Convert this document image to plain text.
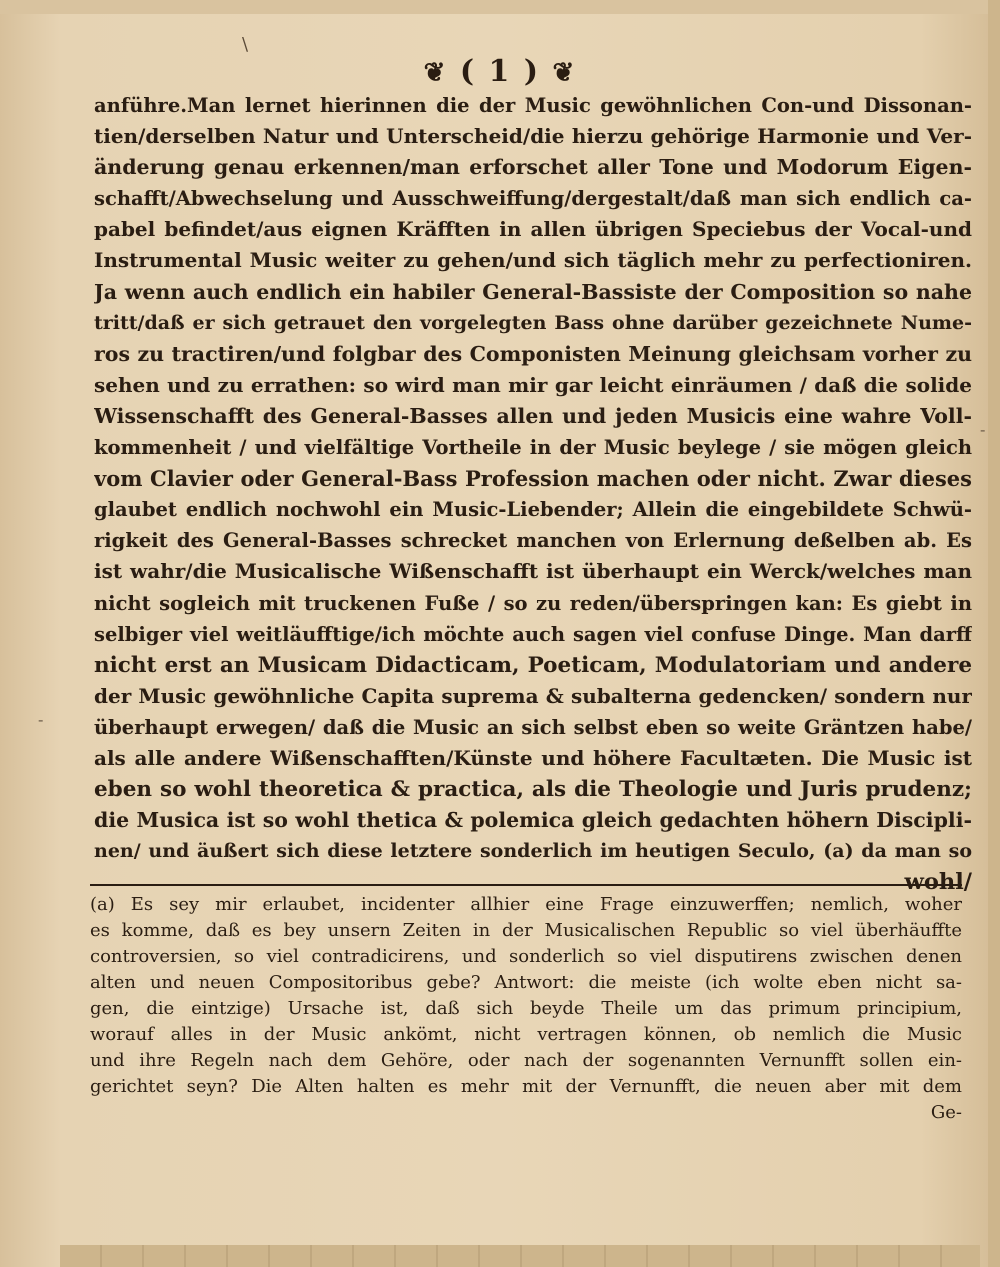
\
❦ ( 1 ) ❦
anführe.Man lernet hierinnen die der Music gewöhnlichen Con-und Dissonan-
tien/derselben Natur und Unterscheid/die hierzu gehörige Harmonie und Ver-
änderung genau erkennen/man erforschet aller Tone und Modorum Eigen-
schafft/Abwechselung und Ausschweiffung/dergestalt/daß man sich endlich ca-
pabel befindet/aus eignen Kräfften in allen übrigen Speciebus der Vocal-und
Instrumental Music weiter zu gehen/und sich täglich mehr zu perfectioniren.
Ja wenn auch endlich ein habiler General-Bassiste der Composition so nahe
tritt/daß er sich getrauet den vorgelegten Bass ohne darüber gezeichnete Nume-
ros zu tractiren/und folgbar des Componisten Meinung gleichsam vorher zu
sehen und zu errathen: so wird man mir gar leicht einräumen / daß die solide
Wissenschafft des General-Basses allen und jeden Musicis eine wahre Voll-
kommenheit / und vielfältige Vortheile in der Music beylege / sie mögen gleich
vom Clavier oder General-Bass Profession machen oder nicht. Zwar dieses
glaubet endlich nochwohl ein Music-Liebender; Allein die eingebildete Schwü-
rigkeit des General-Basses schrecket manchen von Erlernung deßelben ab. Es
ist wahr/die Musicalische Wißenschafft ist überhaupt ein Werck/welches man
nicht sogleich mit truckenen Fuße / so zu reden/überspringen kan: Es giebt in
selbiger viel weitläufftige/ich möchte auch sagen viel confuse Dinge. Man darff
nicht erst an Musicam Didacticam, Poeticam, Modulatoriam und andere
der Music gewöhnliche Capita suprema & subalterna gedencken/ sondern nur
überhaupt erwegen/ daß die Music an sich selbst eben so weite Gräntzen habe/
als alle andere Wißenschafften/Künste und höhere Facultæten. Die Music ist
eben so wohl theoretica & practica, als die Theologie und Juris prudenz;
die Musica ist so wohl thetica & polemica gleich gedachten höhern Discipli-
nen/ und äußert sich diese letztere sonderlich im heutigen Seculo, (a) da man so
wohl/
(a) Es sey mir erlaubet, incidenter allhier eine Frage einzuwerffen; nemlich, woher
es komme, daß es bey unsern Zeiten in der Musicalischen Republic so viel überhäuffte
controversien, so viel contradicirens, und sonderlich so viel disputirens zwischen denen
alten und neuen Compositoribus gebe? Antwort: die meiste (ich wolte eben nicht sa-
gen, die eintzige) Ursache ist, daß sich beyde Theile um das primum principium,
worauf alles in der Music ankömt, nicht vertragen können, ob nemlich die Music
und ihre Regeln nach dem Gehöre, oder nach der sogenannten Vernunfft sollen ein-
gerichtet seyn? Die Alten halten es mehr mit der Vernunfft, die neuen aber mit dem
Ge-
-
-
